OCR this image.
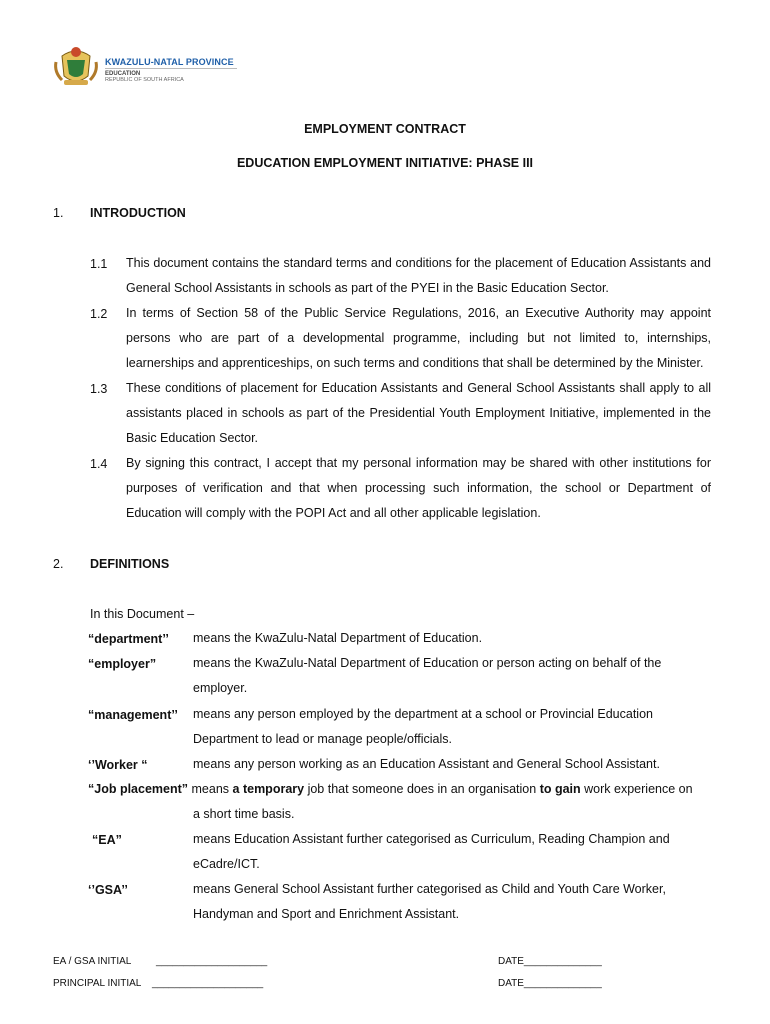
KWAZULU-NATAL PROVINCE
EDUCATION
REPUBLIC OF SOUTH AFRICA
EMPLOYMENT CONTRACT
EDUCATION EMPLOYMENT INITIATIVE: PHASE III
1. INTRODUCTION
1.1 This document contains the standard terms and conditions for the placement of Education Assistants and General School Assistants in schools as part of the PYEI in the Basic Education Sector.
1.2 In terms of Section 58 of the Public Service Regulations, 2016, an Executive Authority may appoint persons who are part of a developmental programme, including but not limited to, internships, learnerships and apprenticeships, on such terms and conditions that shall be determined by the Minister.
1.3 These conditions of placement for Education Assistants and General School Assistants shall apply to all assistants placed in schools as part of the Presidential Youth Employment Initiative, implemented in the Basic Education Sector.
1.4 By signing this contract, I accept that my personal information may be shared with other institutions for purposes of verification and that when processing such information, the school or Department of Education will comply with the POPI Act and all other applicable legislation.
2. DEFINITIONS
In this Document –
“department’’ means the KwaZulu-Natal Department of Education.
“employer”	means the KwaZulu-Natal Department of Education or person acting on behalf of the employer.
“management’’ means any person employed by the department at a school or Provincial Education Department to lead or manage people/officials.
‘’Worker “	means any person working as an Education Assistant and General School Assistant.
“Job placement” means a temporary job that someone does in an organisation to gain work experience on
a short time basis.
“EA”	means Education Assistant further categorised as Curriculum, Reading Champion and eCadre/ICT.
‘’GSA’’	means General School Assistant further categorised as Child and Youth Care Worker, Handyman and Sport and Enrichment Assistant.
EA / GSA INITIAL ____________________	DATE______________
PRINCIPAL INITIAL ____________________	DATE______________
